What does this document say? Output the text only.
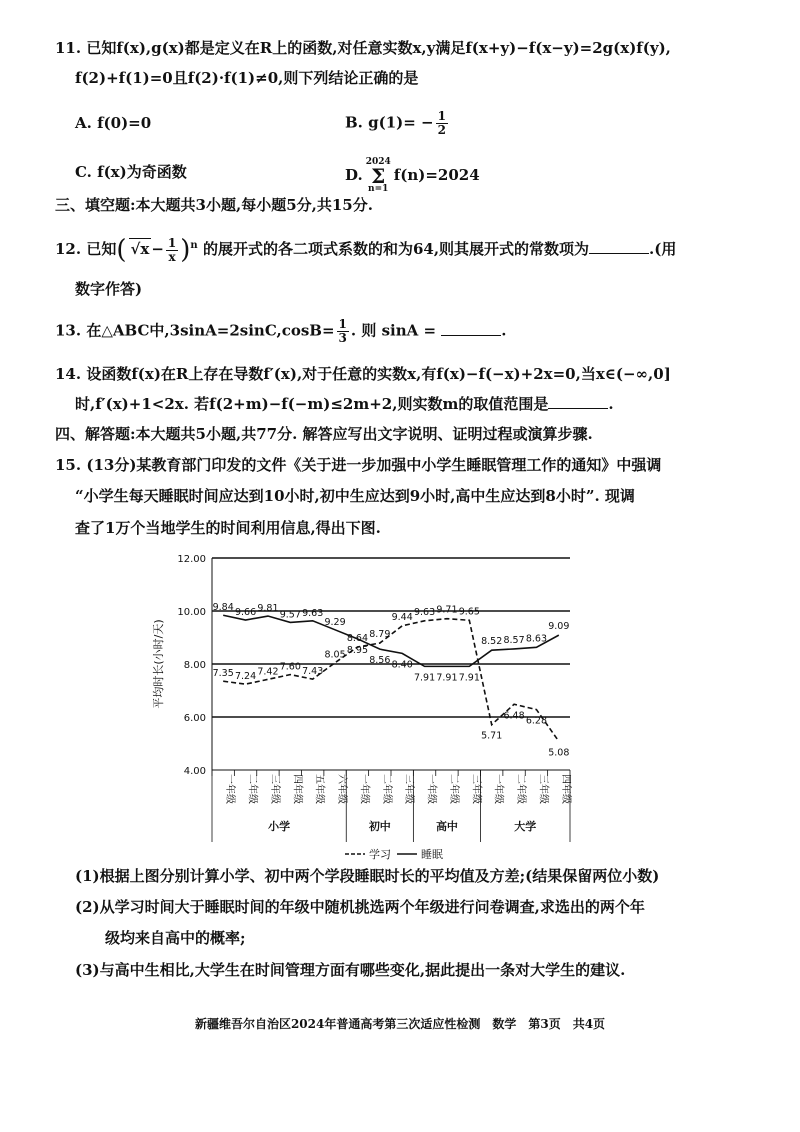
11. 已知f(x),g(x)都是定义在R上的函数,对任意实数x,y满足f(x+y)−f(x−y)=2g(x)f(y),
f(2)+f(1)=0且f(2)·f(1)≠0,则下列结论正确的是
A. f(0)=0	B. $g(1)= - \frac{1}{2}$
C. f(x)为奇函数	D.2024
Σ
n=1f(n)=2024
三、填空题:本大题共3小题,每小题5分,共15分.
12. 已知( $√x - \frac{1}{x} )^n$ 的展开式的各二项式系数的和为64,则其展开式的常数项为	.(用
数字作答)
13. 在△ABC中$,3\sin A=2\sin C,\cos B= \frac{1}{3}$ . 则 sinA =	.
14. 设函数f(x)在R上存在导数f′(x),对于任意的实数x,有f(x)−f(−x)+2x=0,当x∈(−∞,0]
时,f′(x)+1<2x. 若f(2+m)−f(−m)≤2m+2,则实数m的取值范围是	.
四、解答题:本大题共5小题,共77分. 解答应写出文字说明、证明过程或演算步骤.
15. (13分)某教育部门印发的文件《关于进一步加强中小学生睡眠管理工作的通知》中强调
“小学生每天睡眠时间应达到10小时,初中生应达到9小时,高中生应达到8小时”. 现调
查了1万个当地学生的时间利用信息,得出下图.
4.00
6.00
8.00
10.00
12.00
平均时长(小时/天)
一年级 二年级 三年级 四年级 五年级 六年级 一年级 二年级 三年级 一年级 二年级 三年级 一年级 二年级 三年级 四年级
小学	初中	高中	大学
7.35 7.24 7.42 7.60 7.43
8.05
8.64 8.79
9.44 9.63 9.71 9.65
5.71
6.48 6.28
5.08
9.84 9.66 9.81
9.57 9.63
9.29
8.95
8.56 8.40
7.91 7.91 7.91
8.52 8.57 8.63
9.09
学习	睡眠
(1)根据上图分别计算小学、初中两个学段睡眠时长的平均值及方差;(结果保留两位小数)
(2)从学习时间大于睡眠时间的年级中随机挑选两个年级进行问卷调查,求选出的两个年
级均来自高中的概率;
(3)与高中生相比,大学生在时间管理方面有哪些变化,据此提出一条对大学生的建议.
新疆维吾尔自治区2024年普通高考第三次适应性检测　数学　第3页　共4页
